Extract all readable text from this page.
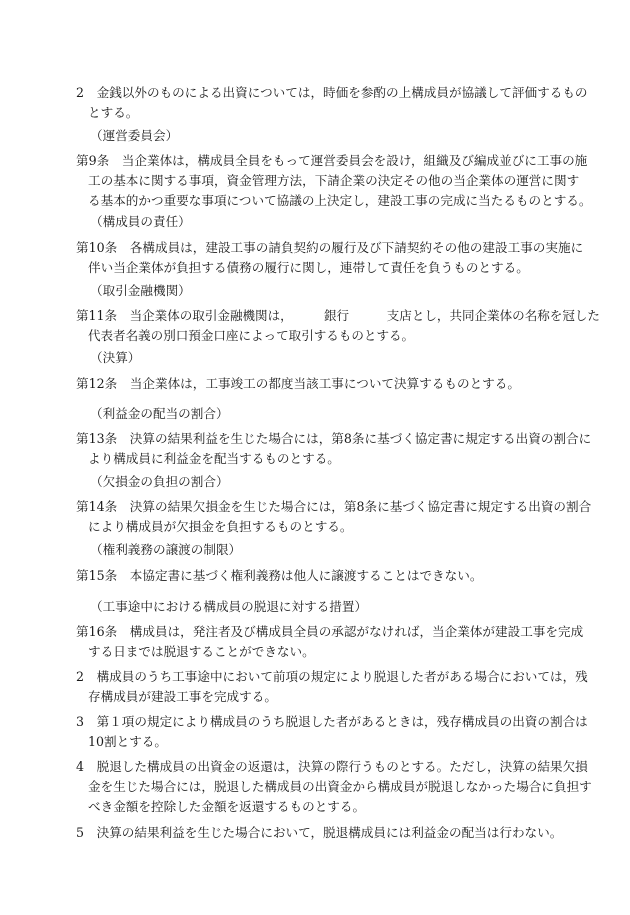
2　金銭以外のものによる出資については，時価を参酌の上構成員が協議して評価するもの
とする。

（運営委員会）

第9条　当企業体は，構成員全員をもって運営委員会を設け，組織及び編成並びに工事の施
工の基本に関する事項，資金管理方法，下請企業の決定その他の当企業体の運営に関す
る基本的かつ重要な事項について協議の上決定し，建設工事の完成に当たるものとする。

（構成員の責任）

第10条　各構成員は，建設工事の請負契約の履行及び下請契約その他の建設工事の実施に
伴い当企業体が負担する債務の履行に関し，連帯して責任を負うものとする。

（取引金融機関）

第11条　当企業体の取引金融機関は，　　　銀行　　　支店とし，共同企業体の名称を冠した
代表者名義の別口預金口座によって取引するものとする。

（決算）

第12条　当企業体は，工事竣工の都度当該工事について決算するものとする。

（利益金の配当の割合）

第13条　決算の結果利益を生じた場合には，第8条に基づく協定書に規定する出資の割合に
より構成員に利益金を配当するものとする。

（欠損金の負担の割合）

第14条　決算の結果欠損金を生じた場合には，第8条に基づく協定書に規定する出資の割合
により構成員が欠損金を負担するものとする。

（権利義務の譲渡の制限）

第15条　本協定書に基づく権利義務は他人に譲渡することはできない。

（工事途中における構成員の脱退に対する措置）

第16条　構成員は，発注者及び構成員全員の承認がなければ，当企業体が建設工事を完成
する日までは脱退することができない。
2　構成員のうち工事途中において前項の規定により脱退した者がある場合においては，残
存構成員が建設工事を完成する。
3　第１項の規定により構成員のうち脱退した者があるときは，残存構成員の出資の割合は
10割とする。
4　脱退した構成員の出資金の返還は，決算の際行うものとする。ただし，決算の結果欠損
金を生じた場合には，脱退した構成員の出資金から構成員が脱退しなかった場合に負担す
べき金額を控除した金額を返還するものとする。
5　決算の結果利益を生じた場合において，脱退構成員には利益金の配当は行わない。
